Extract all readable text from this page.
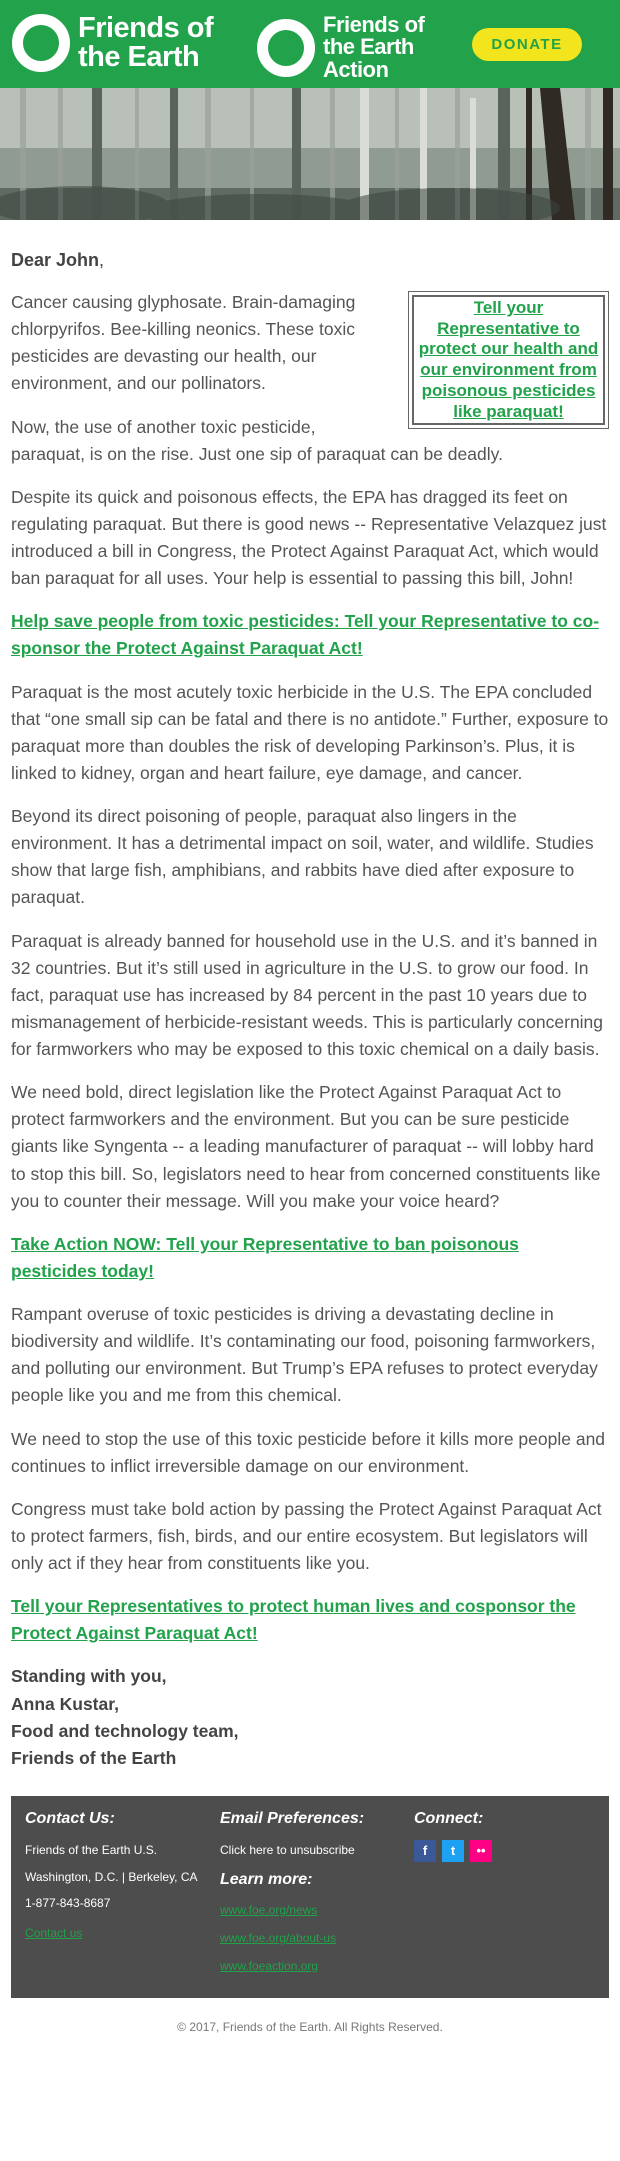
Friends of
the Earth
Friends of
the Earth
Action
DONATE
Dear John,
Tell your Representative to protect our health and our environment from poisonous pesticides like paraquat!

Cancer causing glyphosate. Brain-damaging chlorpyrifos. Bee-killing neonics. These toxic pesticides are devasting our health, our environment, and our pollinators.

Now, the use of another toxic pesticide, paraquat, is on the rise. Just one sip of paraquat can be deadly.

Despite its quick and poisonous effects, the EPA has dragged its feet on regulating paraquat. But there is good news -- Representative Velazquez just introduced a bill in Congress, the Protect Against Paraquat Act, which would ban paraquat for all uses. Your help is essential to passing this bill, John!

Help save people from toxic pesticides: Tell your Representative to co-sponsor the Protect Against Paraquat Act!

Paraquat is the most acutely toxic herbicide in the U.S. The EPA concluded that “one small sip can be fatal and there is no antidote.” Further, exposure to paraquat more than doubles the risk of developing Parkinson’s. Plus, it is linked to kidney, organ and heart failure, eye damage, and cancer.

Beyond its direct poisoning of people, paraquat also lingers in the environment. It has a detrimental impact on soil, water, and wildlife. Studies show that large fish, amphibians, and rabbits have died after exposure to paraquat.

Paraquat is already banned for household use in the U.S. and it’s banned in 32 countries. But it’s still used in agriculture in the U.S. to grow our food. In fact, paraquat use has increased by 84 percent in the past 10 years due to mismanagement of herbicide-resistant weeds. This is particularly concerning for farmworkers who may be exposed to this toxic chemical on a daily basis.

We need bold, direct legislation like the Protect Against Paraquat Act to protect farmworkers and the environment. But you can be sure pesticide giants like Syngenta -- a leading manufacturer of paraquat -- will lobby hard to stop this bill. So, legislators need to hear from concerned constituents like you to counter their message. Will you make your voice heard?

Take Action NOW: Tell your Representative to ban poisonous pesticides today!

Rampant overuse of toxic pesticides is driving a devastating decline in biodiversity and wildlife. It’s contaminating our food, poisoning farmworkers, and polluting our environment. But Trump’s EPA refuses to protect everyday people like you and me from this chemical.

We need to stop the use of this toxic pesticide before it kills more people and continues to inflict irreversible damage on our environment.

Congress must take bold action by passing the Protect Against Paraquat Act to protect farmers, fish, birds, and our entire ecosystem. But legislators will only act if they hear from constituents like you.

Tell your Representatives to protect human lives and cosponsor the Protect Against Paraquat Act!
Standing with you,
Anna Kustar,
Food and technology team,
Friends of the Earth
Contact Us:
Friends of the Earth U.S.
Washington, D.C. | Berkeley, CA
1-877-843-8687
Contact us
Email Preferences:
Click here to unsubscribe
Learn more:
www.foe.org/news
www.foe.org/about-us
www.foeaction.org
Connect:
f	t	••
© 2017, Friends of the Earth. All Rights Reserved.
